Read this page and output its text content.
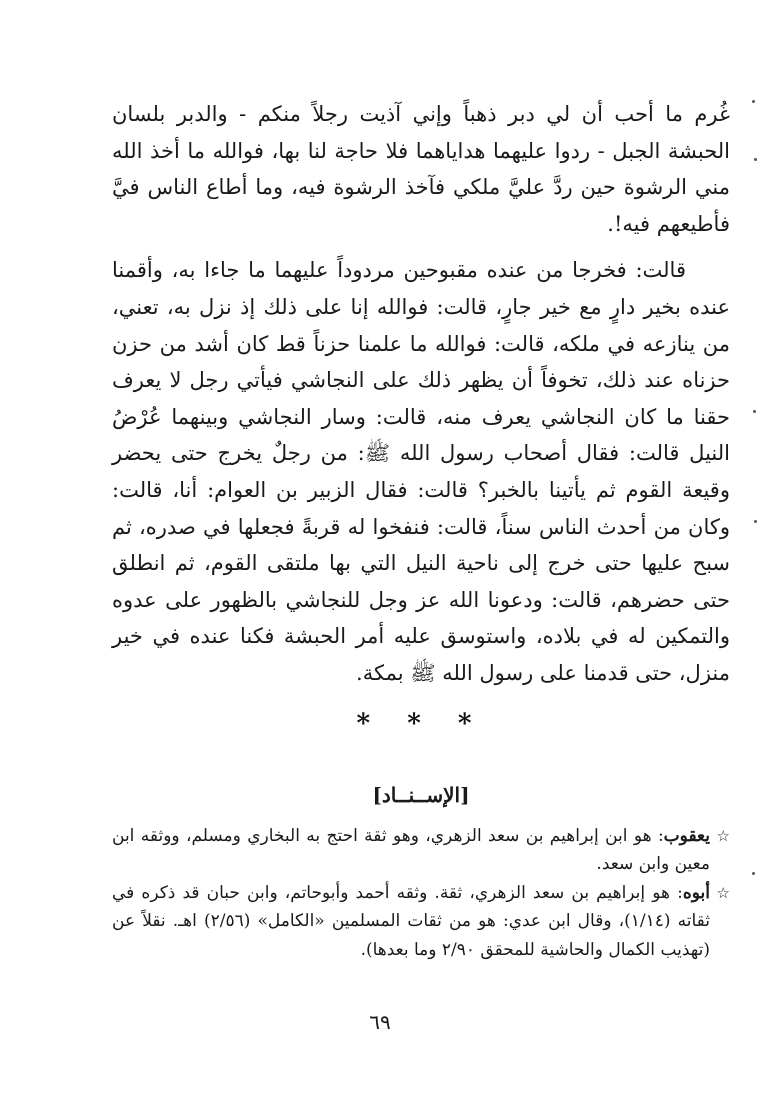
غُرم ما أحب أن لي دبر ذهباً وإني آذيت رجلاً منكم - والدبر بلسان الحبشة الجبل - ردوا عليهما هداياهما فلا حاجة لنا بها، فوالله ما أخذ الله مني الرشوة حين ردَّ عليَّ ملكي فآخذ الرشوة فيه، وما أطاع الناس فيَّ فأطيعهم فيه!.

قالت: فخرجا من عنده مقبوحين مردوداً عليهما ما جاءا به، وأقمنا عنده بخير دارٍ مع خير جارٍ، قالت: فوالله إنا على ذلك إذ نزل به، تعني، من ينازعه في ملكه، قالت: فوالله ما علمنا حزناً قط كان أشد من حزن حزناه عند ذلك، تخوفاً أن يظهر ذلك على النجاشي فيأتي رجل لا يعرف حقنا ما كان النجاشي يعرف منه، قالت: وسار النجاشي وبينهما عُرْضُ النيل قالت: فقال أصحاب رسول الله ﷺ: من رجلٌ يخرج حتى يحضر وقيعة القوم ثم يأتينا بالخبر؟ قالت: فقال الزبير بن العوام: أنا، قالت: وكان من أحدث الناس سناً، قالت: فنفخوا له قربةً فجعلها في صدره، ثم سبح عليها حتى خرج إلى ناحية النيل التي بها ملتقى القوم، ثم انطلق حتى حضرهم، قالت: ودعونا الله عز وجل للنجاشي بالظهور على عدوه والتمكين له في بلاده، واستوسق عليه أمر الحبشة فكنا عنده في خير منزل، حتى قدمنا على رسول الله ﷺ بمكة.

* * *
[الإســنــاد]

☆
يعقوب: هو ابن إبراهيم بن سعد الزهري، وهو ثقة احتج به البخاري ومسلم، ووثقه ابن معين وابن سعد.

☆
أبوه: هو إبراهيم بن سعد الزهري، ثقة. وثقه أحمد وأبوحاتم، وابن حبان قد ذكره في ثقاته (١/١٤)، وقال ابن عدي: هو من ثقات المسلمين «الكامل» (٢/٥٦) اهـ. نقلاً عن (تهذيب الكمال والحاشية للمحقق ٢/٩٠ وما بعدها).

٦٩
